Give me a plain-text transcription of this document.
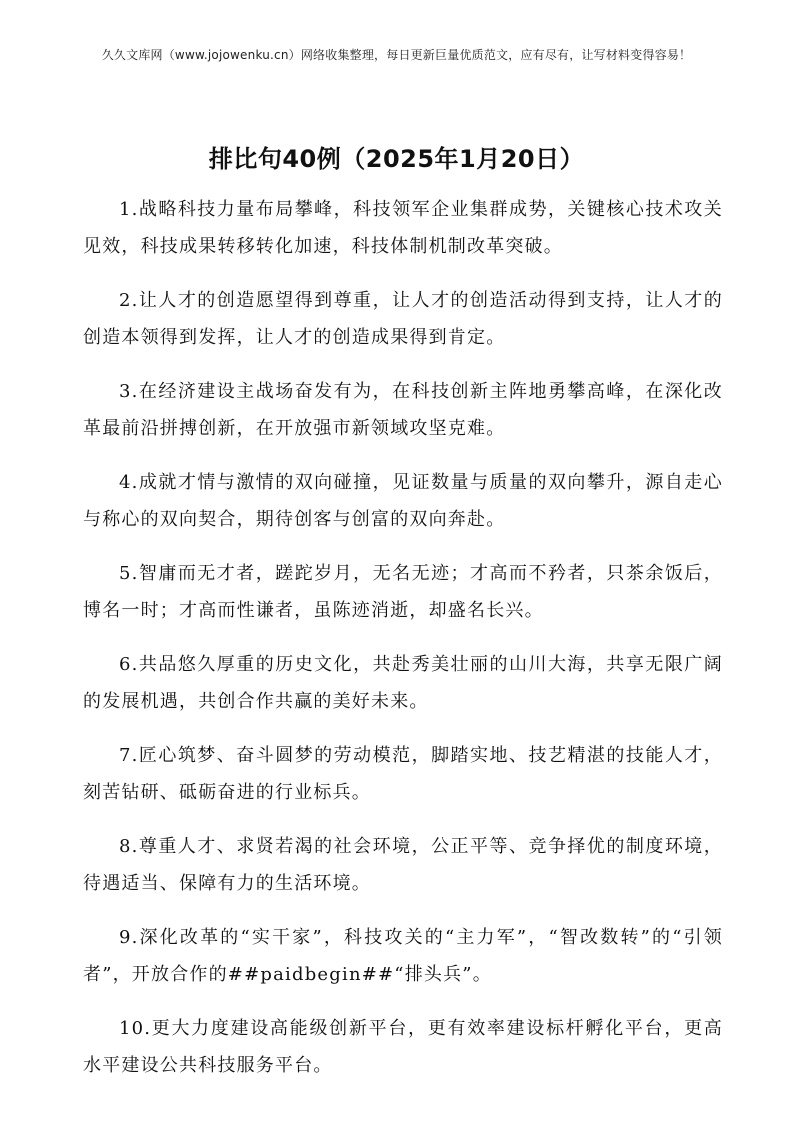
久久文库网（www.jojowenku.cn）网络收集整理，每日更新巨量优质范文，应有尽有，让写材料变得容易！
排比句40例（2025年1月20日）

1.战略科技力量布局攀峰，科技领军企业集群成势，关键核心技术攻关见效，科技成果转移转化加速，科技体制机制改革突破。

2.让人才的创造愿望得到尊重，让人才的创造活动得到支持，让人才的创造本领得到发挥，让人才的创造成果得到肯定。

3.在经济建设主战场奋发有为，在科技创新主阵地勇攀高峰，在深化改革最前沿拼搏创新，在开放强市新领域攻坚克难。

4.成就才情与激情的双向碰撞，见证数量与质量的双向攀升，源自走心与称心的双向契合，期待创客与创富的双向奔赴。

5.智庸而无才者，蹉跎岁月，无名无迹；才高而不矜者，只茶余饭后，博名一时；才高而性谦者，虽陈迹消逝，却盛名长兴。

6.共品悠久厚重的历史文化，共赴秀美壮丽的山川大海，共享无限广阔的发展机遇，共创合作共赢的美好未来。

7.匠心筑梦、奋斗圆梦的劳动模范，脚踏实地、技艺精湛的技能人才，刻苦钻研、砥砺奋进的行业标兵。

8.尊重人才、求贤若渴的社会环境，公正平等、竞争择优的制度环境，待遇适当、保障有力的生活环境。

9.深化改革的“实干家”，科技攻关的“主力军”，“智改数转”的“引领者”，开放合作的##paidbegin##“排头兵”。

10.更大力度建设高能级创新平台，更有效率建设标杆孵化平台，更高水平建设公共科技服务平台。
